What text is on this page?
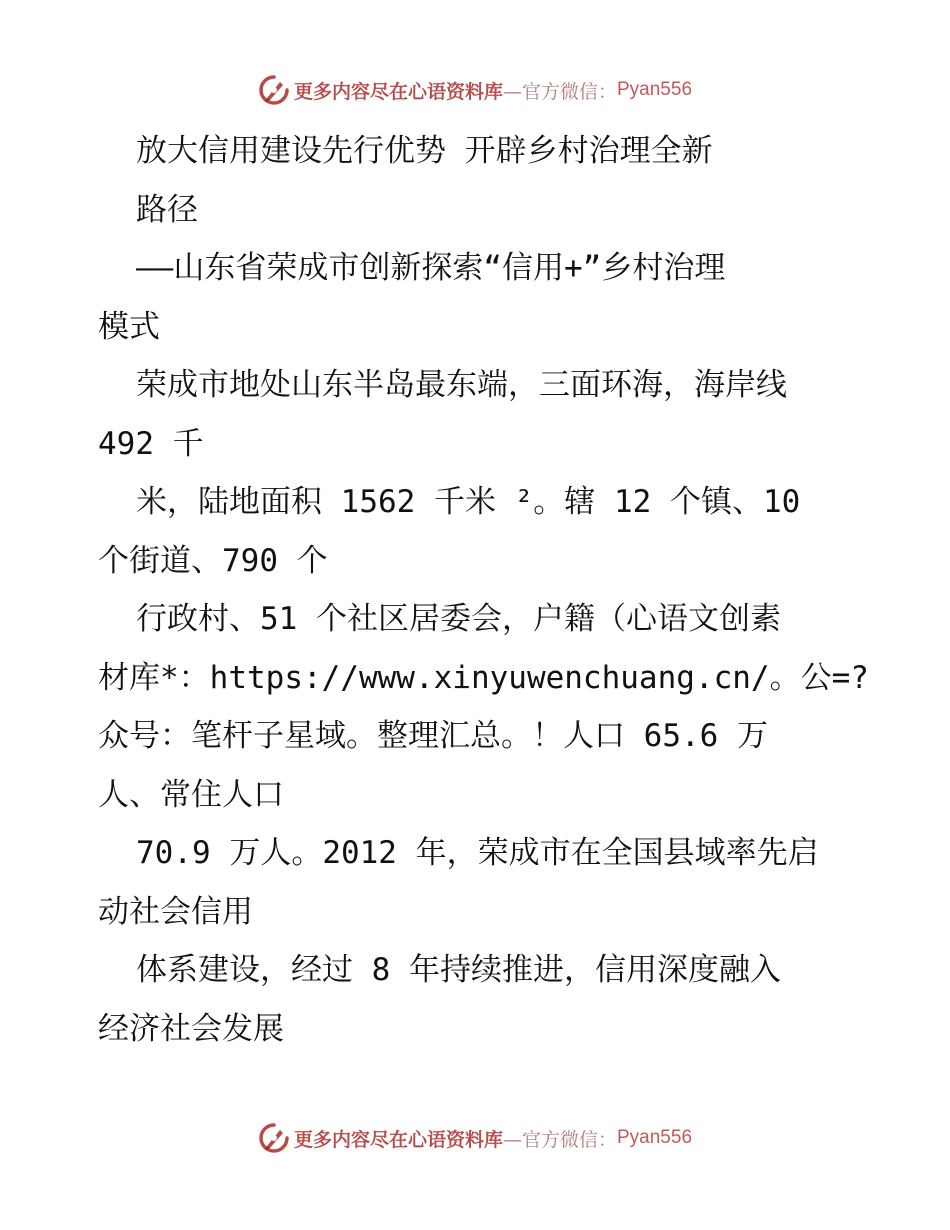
更多内容尽在心语资料库 —官方微信： Pyan556
放大信用建设先行优势 开辟乡村治理全新
路径
——山东省荣成市创新探索“信用+”乡村治理
模式
荣成市地处山东半岛最东端，三面环海，海岸线
492 千
米，陆地面积 1562 千米 ²。辖 12 个镇、10
个街道、790 个
行政村、51 个社区居委会，户籍（心语文创素
材库*：https://www.xinyuwenchuang.cn/。公=?
众号：笔杆子星域。整理汇总。！人口 65.6 万
人、常住人口
70.9 万人。2012 年，荣成市在全国县域率先启
动社会信用
体系建设，经过 8 年持续推进，信用深度融入
经济社会发展
更多内容尽在心语资料库 —官方微信： Pyan556
